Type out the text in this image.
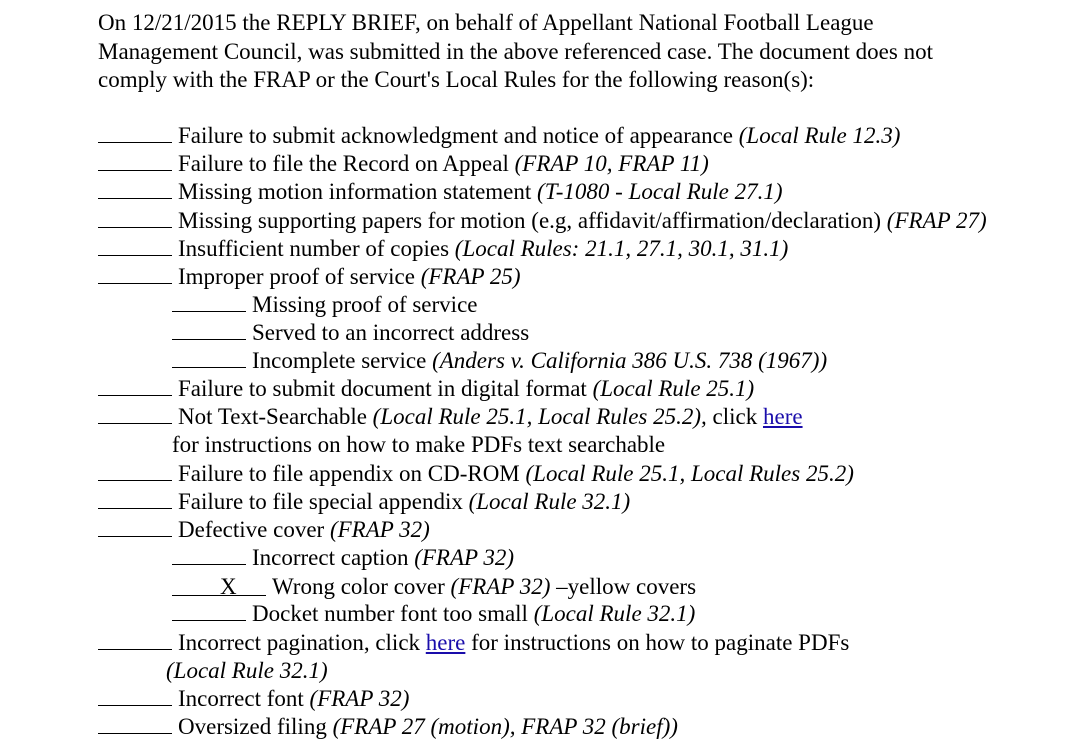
On 12/21/2015 the REPLY BRIEF, on behalf of Appellant National Football League
Management Council, was submitted in the above referenced case. The document does not
comply with the FRAP or the Court's Local Rules for the following reason(s):
Failure to submit acknowledgment and notice of appearance (Local Rule 12.3)
Failure to file the Record on Appeal (FRAP 10, FRAP 11)
Missing motion information statement (T-1080 - Local Rule 27.1)
Missing supporting papers for motion (e.g, affidavit/affirmation/declaration) (FRAP 27)
Insufficient number of copies (Local Rules: 21.1, 27.1, 30.1, 31.1)
Improper proof of service (FRAP 25)
Missing proof of service
Served to an incorrect address
Incomplete service (Anders v. California 386 U.S. 738 (1967))
Failure to submit document in digital format (Local Rule 25.1)
Not Text-Searchable (Local Rule 25.1, Local Rules 25.2), click here
for instructions on how to make PDFs text searchable
Failure to file appendix on CD-ROM (Local Rule 25.1, Local Rules 25.2)
Failure to file special appendix (Local Rule 32.1)
Defective cover (FRAP 32)
Incorrect caption (FRAP 32)
X Wrong color cover (FRAP 32) –yellow covers
Docket number font too small (Local Rule 32.1)
Incorrect pagination, click here for instructions on how to paginate PDFs
(Local Rule 32.1)
Incorrect font (FRAP 32)
Oversized filing (FRAP 27 (motion), FRAP 32 (brief))
